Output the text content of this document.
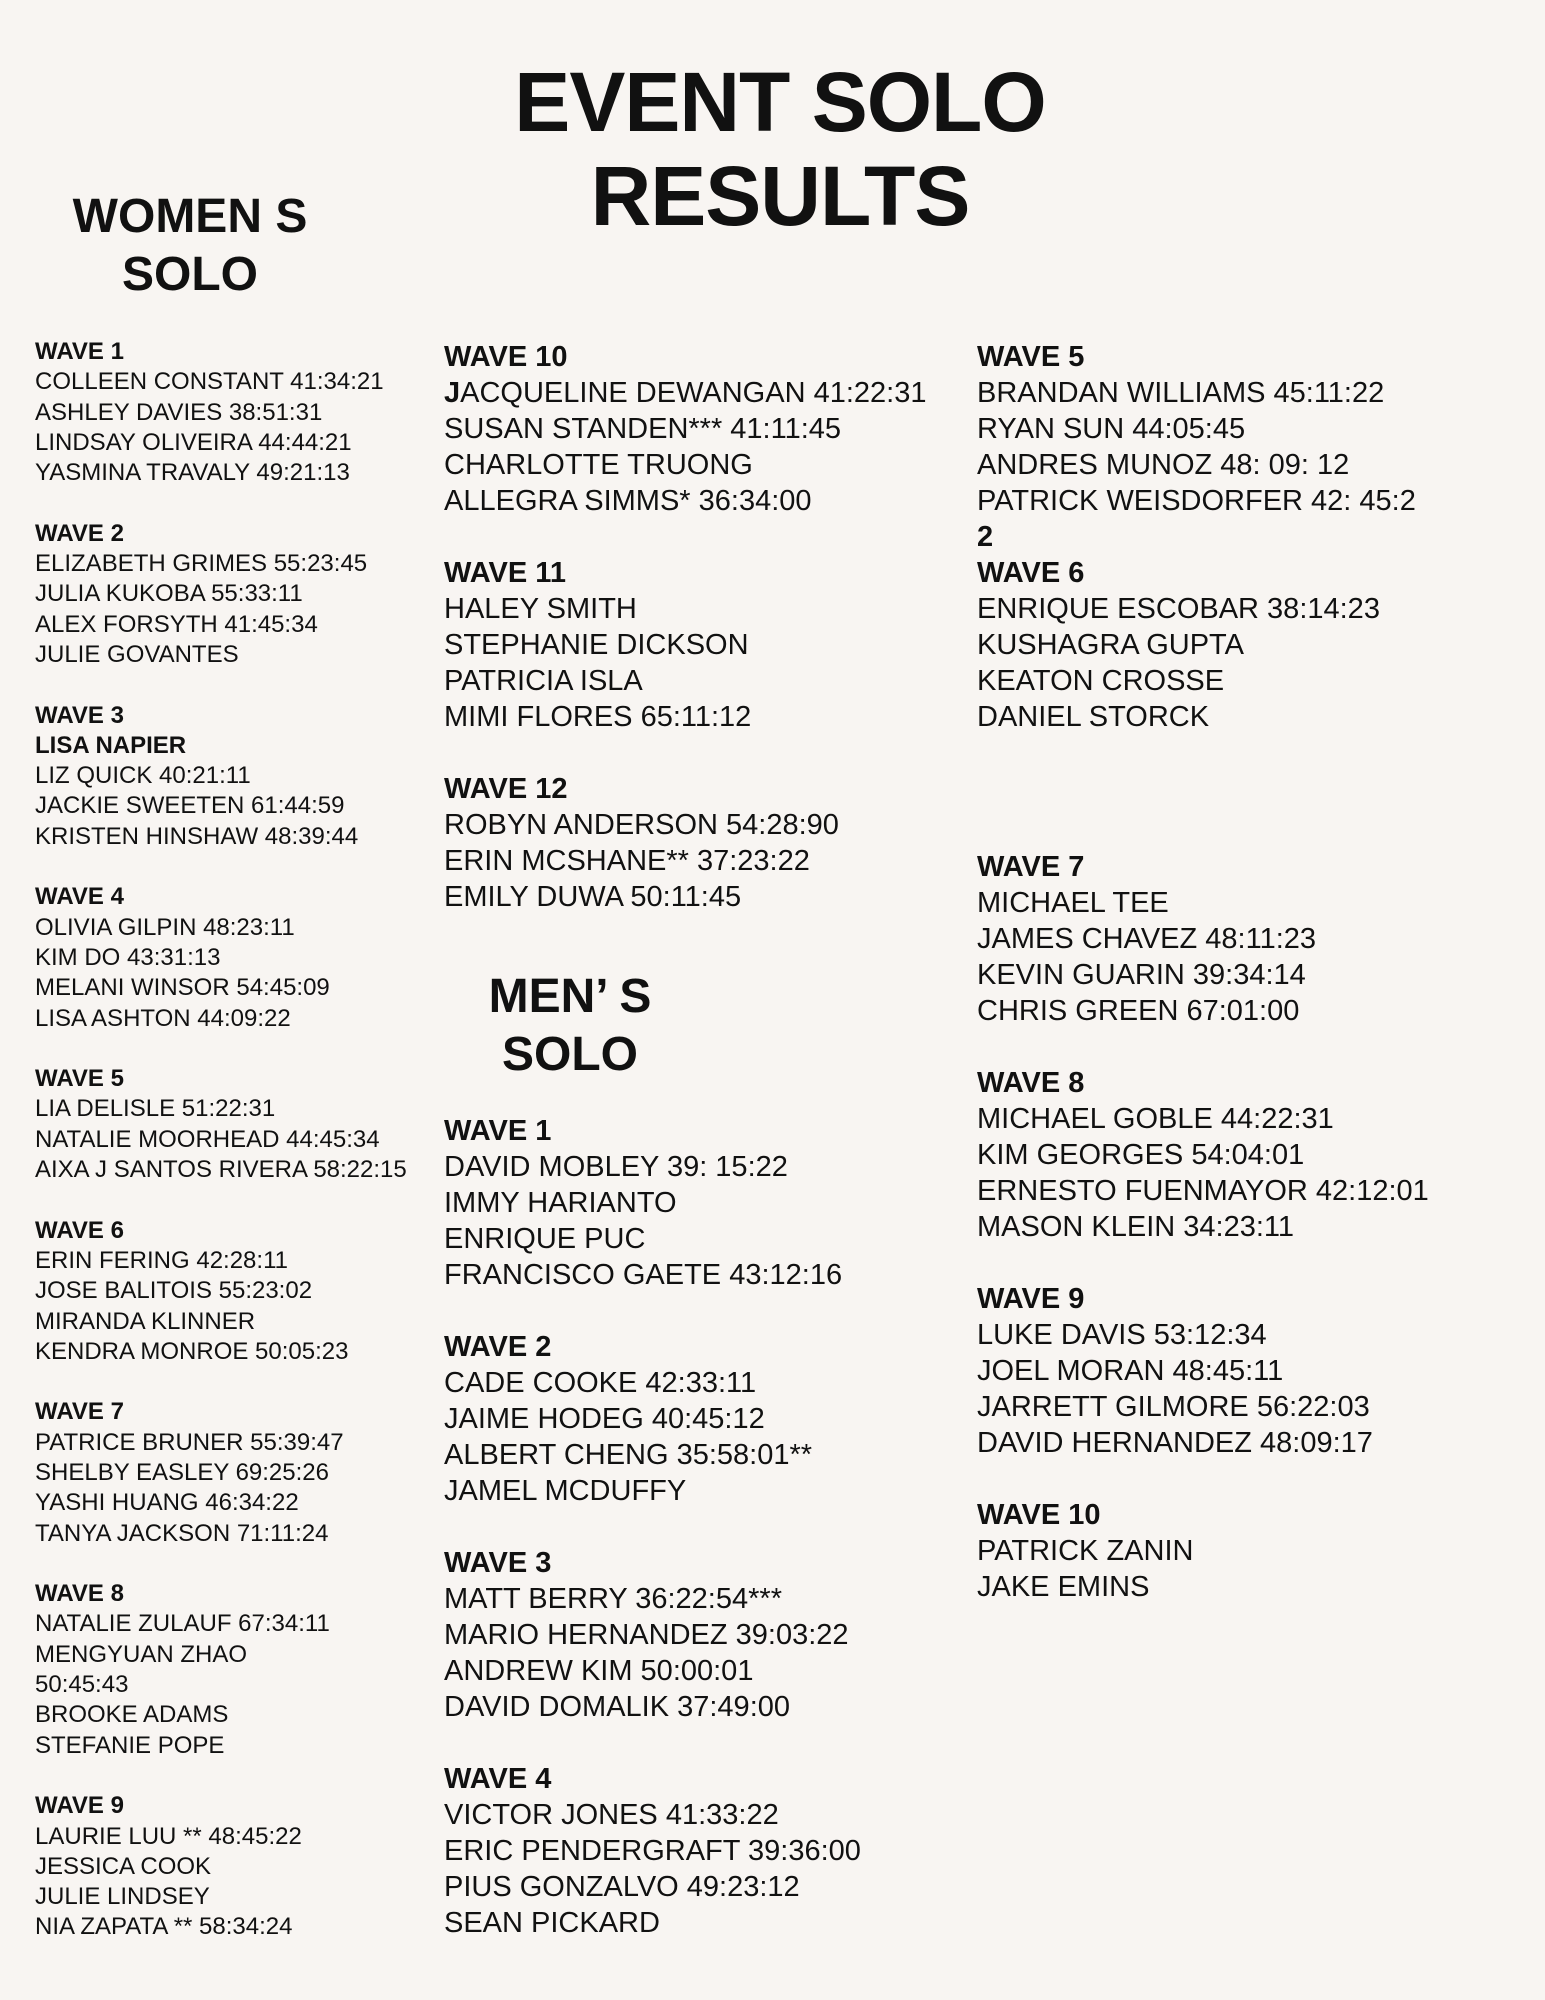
EVENT SOLO
RESULTS
WOMEN S
SOLO
MEN’ S
SOLO
WAVE 1
COLLEEN CONSTANT 41:34:21
ASHLEY DAVIES 38:51:31
LINDSAY OLIVEIRA 44:44:21
YASMINA TRAVALY 49:21:13
WAVE 2
ELIZABETH GRIMES 55:23:45
JULIA KUKOBA 55:33:11
ALEX FORSYTH 41:45:34
JULIE GOVANTES
WAVE 3
LISA NAPIER
LIZ QUICK 40:21:11
JACKIE SWEETEN 61:44:59
KRISTEN HINSHAW 48:39:44
WAVE 4
OLIVIA GILPIN 48:23:11
KIM DO 43:31:13
MELANI WINSOR 54:45:09
LISA ASHTON 44:09:22
WAVE 5
LIA DELISLE 51:22:31
NATALIE MOORHEAD 44:45:34
AIXA J SANTOS RIVERA 58:22:15
WAVE 6
ERIN FERING 42:28:11
JOSE BALITOIS 55:23:02
MIRANDA KLINNER
KENDRA MONROE 50:05:23
WAVE 7
PATRICE BRUNER 55:39:47
SHELBY EASLEY 69:25:26
YASHI HUANG 46:34:22
TANYA JACKSON 71:11:24
WAVE 8
NATALIE ZULAUF 67:34:11
MENGYUAN ZHAO
50:45:43
BROOKE ADAMS
STEFANIE POPE
WAVE 9
LAURIE LUU ** 48:45:22
JESSICA COOK
JULIE LINDSEY
NIA ZAPATA ** 58:34:24
WAVE 10
JACQUELINE DEWANGAN 41:22:31
SUSAN STANDEN*** 41:11:45
CHARLOTTE TRUONG
ALLEGRA SIMMS* 36:34:00
WAVE 11
HALEY SMITH
STEPHANIE DICKSON
PATRICIA ISLA
MIMI FLORES 65:11:12
WAVE 12
ROBYN ANDERSON 54:28:90
ERIN MCSHANE** 37:23:22
EMILY DUWA 50:11:45
WAVE 1
DAVID MOBLEY 39: 15:22
IMMY HARIANTO
ENRIQUE PUC
FRANCISCO GAETE 43:12:16
WAVE 2
CADE COOKE 42:33:11
JAIME HODEG 40:45:12
ALBERT CHENG 35:58:01**
JAMEL MCDUFFY
WAVE 3
MATT BERRY 36:22:54***
MARIO HERNANDEZ 39:03:22
ANDREW KIM 50:00:01
DAVID DOMALIK 37:49:00
WAVE 4
VICTOR JONES 41:33:22
ERIC PENDERGRAFT 39:36:00
PIUS GONZALVO 49:23:12
SEAN PICKARD
WAVE 5
BRANDAN WILLIAMS 45:11:22
RYAN SUN 44:05:45
ANDRES MUNOZ 48: 09: 12
PATRICK WEISDORFER 42: 45:2
2
WAVE 6
ENRIQUE ESCOBAR 38:14:23
KUSHAGRA GUPTA
KEATON CROSSE
DANIEL STORCK
WAVE 7
MICHAEL TEE
JAMES CHAVEZ 48:11:23
KEVIN GUARIN 39:34:14
CHRIS GREEN 67:01:00
WAVE 8
MICHAEL GOBLE 44:22:31
KIM GEORGES 54:04:01
ERNESTO FUENMAYOR 42:12:01
MASON KLEIN 34:23:11
WAVE 9
LUKE DAVIS 53:12:34
JOEL MORAN 48:45:11
JARRETT GILMORE 56:22:03
DAVID HERNANDEZ 48:09:17
WAVE 10
PATRICK ZANIN
JAKE EMINS
